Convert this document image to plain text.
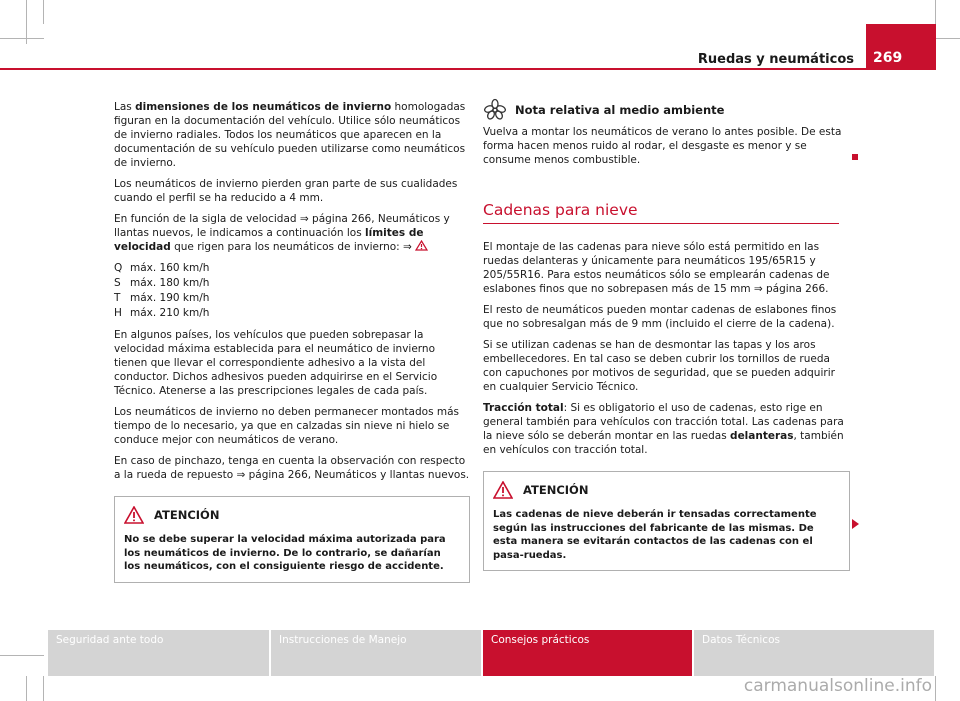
Ruedas y neumáticos 269

Las dimensiones de los neumáticos de invierno homologadas figuran en la documentación del vehículo. Utilice sólo neumáticos de invierno radiales. Todos los neumáticos que aparecen en la documentación de su vehículo pueden utilizarse como neumáticos de invierno.

Los neumáticos de invierno pierden gran parte de sus cualidades cuando el perfil se ha reducido a 4 mm.

En función de la sigla de velocidad ⇒ página 266, Neumáticos y llantas nuevos, le indicamos a continuación los límites de velocidad que rigen para los neumáticos de invierno: ⇒

Q máx. 160 km/h
S máx. 180 km/h
T máx. 190 km/h
H máx. 210 km/h

En algunos países, los vehículos que pueden sobrepasar la velocidad máxima establecida para el neumático de invierno tienen que llevar el correspondiente adhesivo a la vista del conductor. Dichos adhesivos pueden adquirirse en el Servicio Técnico. Atenerse a las prescripciones legales de cada país.

Los neumáticos de invierno no deben permanecer montados más tiempo de lo necesario, ya que en calzadas sin nieve ni hielo se conduce mejor con neumáticos de verano.

En caso de pinchazo, tenga en cuenta la observación con respecto a la rueda de repuesto ⇒ página 266, Neumáticos y llantas nuevos.

ATENCIÓN
No se debe superar la velocidad máxima autorizada para los neumáticos de invierno. De lo contrario, se dañarían los neumáticos, con el consiguiente riesgo de accidente.
Nota relativa al medio ambiente

Vuelva a montar los neumáticos de verano lo antes posible. De esta forma hacen menos ruido al rodar, el desgaste es menor y se consume menos combustible.

Cadenas para nieve

El montaje de las cadenas para nieve sólo está permitido en las ruedas delanteras y únicamente para neumáticos 195/65R15 y 205/55R16. Para estos neumáticos sólo se emplearán cadenas de eslabones finos que no sobrepasen más de 15 mm ⇒ página 266.

El resto de neumáticos pueden montar cadenas de eslabones finos que no sobresalgan más de 9 mm (incluido el cierre de la cadena).

Si se utilizan cadenas se han de desmontar las tapas y los aros embellecedores. En tal caso se deben cubrir los tornillos de rueda con capuchones por motivos de seguridad, que se pueden adquirir en cualquier Servicio Técnico.

Tracción total: Si es obligatorio el uso de cadenas, esto rige en general también para vehículos con tracción total. Las cadenas para la nieve sólo se deberán montar en las ruedas delanteras, también en vehículos con tracción total.

ATENCIÓN
Las cadenas de nieve deberán ir tensadas correctamente según las instrucciones del fabricante de las mismas. De esta manera se evitarán contactos de las cadenas con el pasa-ruedas.
Seguridad ante todo	Instrucciones de Manejo	Consejos prácticos	Datos Técnicos
carmanualsonline.info
